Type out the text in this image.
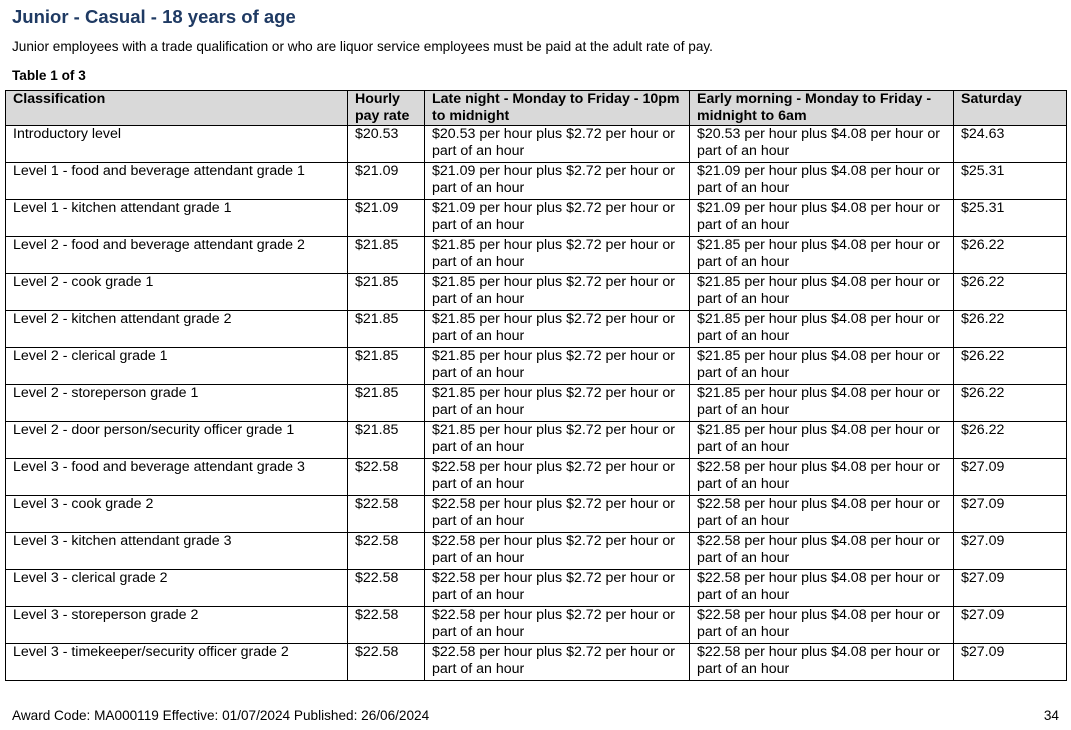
Junior - Casual - 18 years of age
Junior employees with a trade qualification or who are liquor service employees must be paid at the adult rate of pay.
Table 1 of 3
Classification	Hourly pay rate	Late night - Monday to Friday - 10pm to midnight	Early morning - Monday to Friday - midnight to 6am	Saturday
Introductory level	$20.53	$20.53 per hour plus $2.72 per hour or part of an hour	$20.53 per hour plus $4.08 per hour or part of an hour	$24.63
Level 1 - food and beverage attendant grade 1	$21.09	$21.09 per hour plus $2.72 per hour or part of an hour	$21.09 per hour plus $4.08 per hour or part of an hour	$25.31
Level 1 - kitchen attendant grade 1	$21.09	$21.09 per hour plus $2.72 per hour or part of an hour	$21.09 per hour plus $4.08 per hour or part of an hour	$25.31
Level 2 - food and beverage attendant grade 2	$21.85	$21.85 per hour plus $2.72 per hour or part of an hour	$21.85 per hour plus $4.08 per hour or part of an hour	$26.22
Level 2 - cook grade 1	$21.85	$21.85 per hour plus $2.72 per hour or part of an hour	$21.85 per hour plus $4.08 per hour or part of an hour	$26.22
Level 2 - kitchen attendant grade 2	$21.85	$21.85 per hour plus $2.72 per hour or part of an hour	$21.85 per hour plus $4.08 per hour or part of an hour	$26.22
Level 2 - clerical grade 1	$21.85	$21.85 per hour plus $2.72 per hour or part of an hour	$21.85 per hour plus $4.08 per hour or part of an hour	$26.22
Level 2 - storeperson grade 1	$21.85	$21.85 per hour plus $2.72 per hour or part of an hour	$21.85 per hour plus $4.08 per hour or part of an hour	$26.22
Level 2 - door person/security officer grade 1	$21.85	$21.85 per hour plus $2.72 per hour or part of an hour	$21.85 per hour plus $4.08 per hour or part of an hour	$26.22
Level 3 - food and beverage attendant grade 3	$22.58	$22.58 per hour plus $2.72 per hour or part of an hour	$22.58 per hour plus $4.08 per hour or part of an hour	$27.09
Level 3 - cook grade 2	$22.58	$22.58 per hour plus $2.72 per hour or part of an hour	$22.58 per hour plus $4.08 per hour or part of an hour	$27.09
Level 3 - kitchen attendant grade 3	$22.58	$22.58 per hour plus $2.72 per hour or part of an hour	$22.58 per hour plus $4.08 per hour or part of an hour	$27.09
Level 3 - clerical grade 2	$22.58	$22.58 per hour plus $2.72 per hour or part of an hour	$22.58 per hour plus $4.08 per hour or part of an hour	$27.09
Level 3 - storeperson grade 2	$22.58	$22.58 per hour plus $2.72 per hour or part of an hour	$22.58 per hour plus $4.08 per hour or part of an hour	$27.09
Level 3 - timekeeper/security officer grade 2	$22.58	$22.58 per hour plus $2.72 per hour or part of an hour	$22.58 per hour plus $4.08 per hour or part of an hour	$27.09
Award Code: MA000119 Effective: 01/07/2024 Published: 26/06/2024	34
